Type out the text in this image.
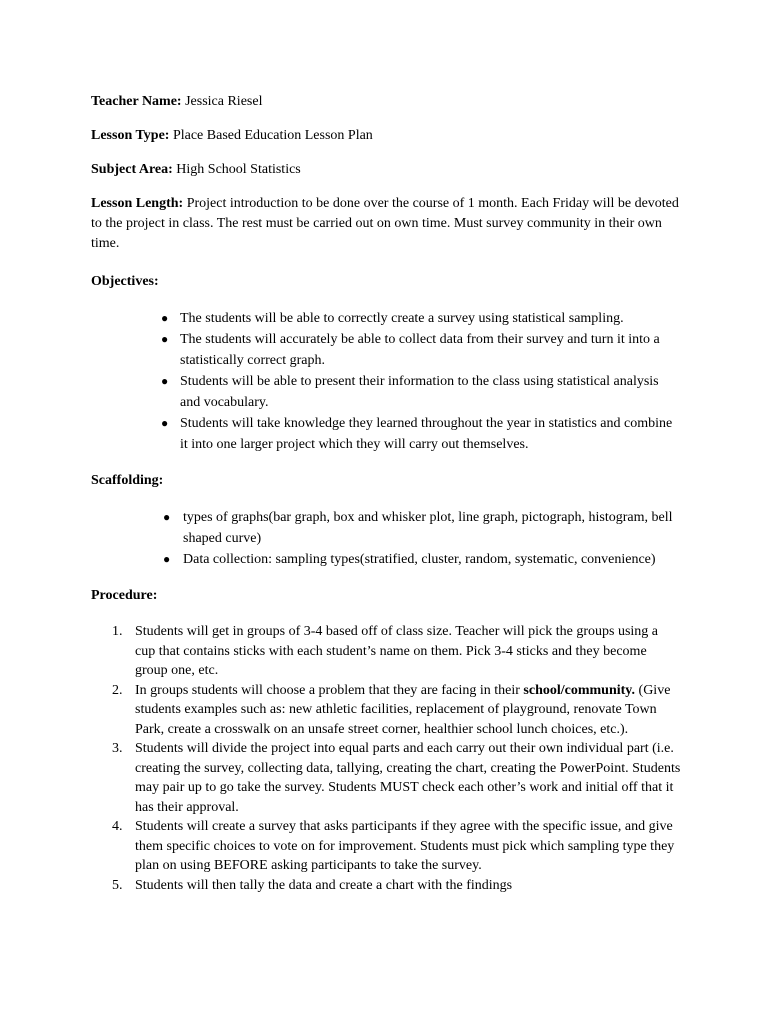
Teacher Name: Jessica Riesel

Lesson Type: Place Based Education Lesson Plan

Subject Area: High School Statistics

Lesson Length: Project introduction to be done over the course of 1 month. Each Friday will be devoted to the project in class. The rest must be carried out on own time. Must survey community in their own time.

Objectives:

● The students will be able to correctly create a survey using statistical sampling.
● The students will accurately be able to collect data from their survey and turn it into a statistically correct graph.
● Students will be able to present their information to the class using statistical analysis and vocabulary.
● Students will take knowledge they learned throughout the year in statistics and combine it into one larger project which they will carry out themselves.

Scaffolding:

● types of graphs(bar graph, box and whisker plot, line graph, pictograph, histogram, bell shaped curve)
● Data collection: sampling types(stratified, cluster, random, systematic, convenience)

Procedure:

1. Students will get in groups of 3-4 based off of class size. Teacher will pick the groups using a cup that contains sticks with each student’s name on them. Pick 3-4 sticks and they become group one, etc.
2. In groups students will choose a problem that they are facing in their school/community. (Give students examples such as: new athletic facilities, replacement of playground, renovate Town Park, create a crosswalk on an unsafe street corner, healthier school lunch choices, etc.).
3. Students will divide the project into equal parts and each carry out their own individual part (i.e. creating the survey, collecting data, tallying, creating the chart, creating the PowerPoint. Students may pair up to go take the survey. Students MUST check each other’s work and initial off that it has their approval.
4. Students will create a survey that asks participants if they agree with the specific issue, and give them specific choices to vote on for improvement. Students must pick which sampling type they plan on using BEFORE asking participants to take the survey.
5. Students will then tally the data and create a chart with the findings
